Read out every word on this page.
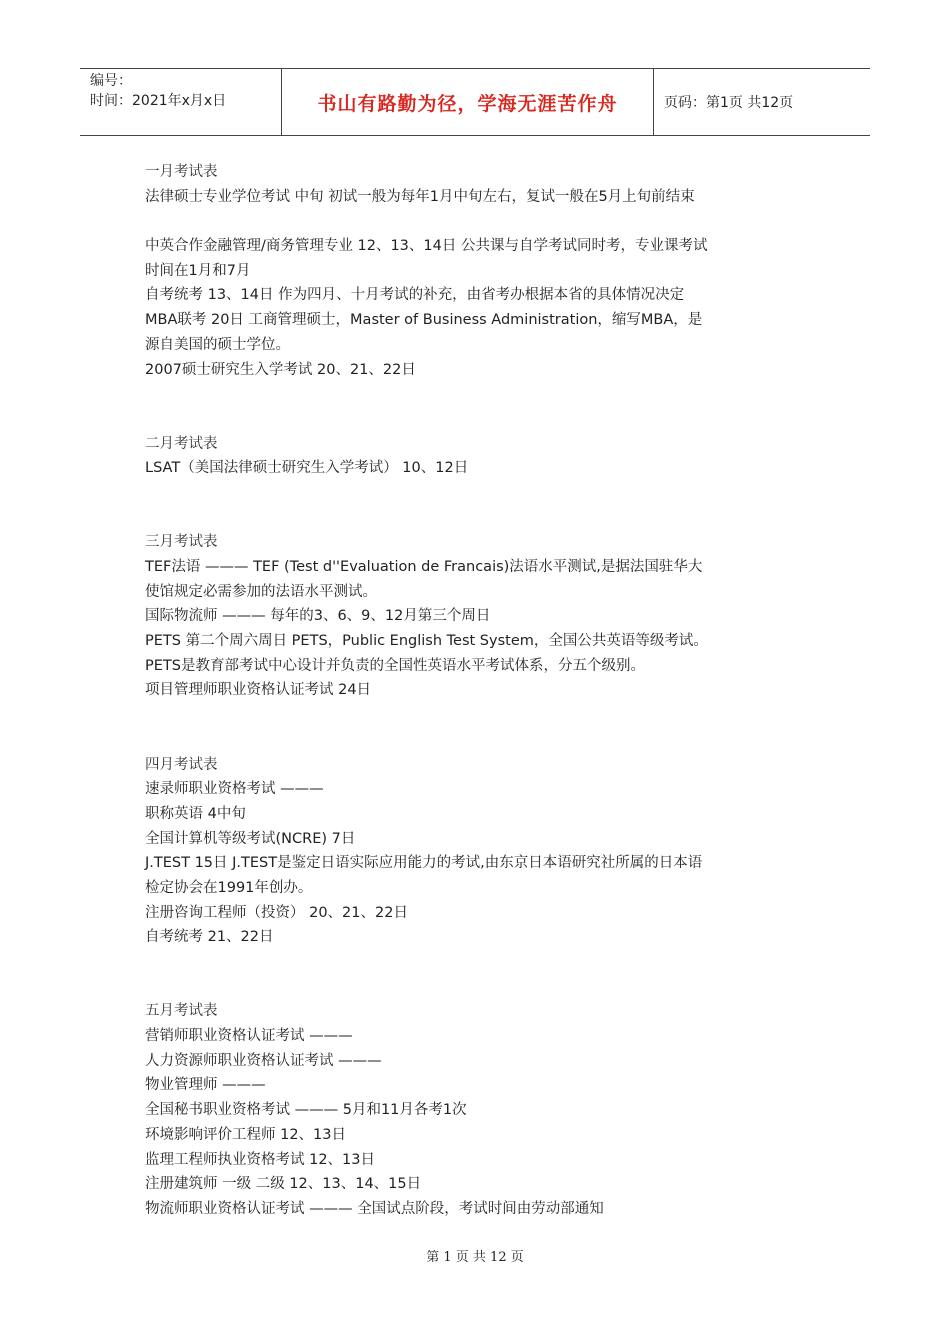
编号：
时间：2021年x月x日	书山有路勤为径，学海无涯苦作舟	页码：第1页 共12页
一月考试表
法律硕士专业学位考试 中旬 初试一般为每年1月中旬左右，复试一般在5月上旬前结束
中英合作金融管理/商务管理专业 12、13、14日 公共课与自学考试同时考，专业课考试
时间在1月和7月
自考统考 13、14日 作为四月、十月考试的补充，由省考办根据本省的具体情况决定
MBA联考 20日 工商管理硕士，Master of Business Administration，缩写MBA，是
源自美国的硕士学位。
2007硕士研究生入学考试 20、21、22日
二月考试表
LSAT（美国法律硕士研究生入学考试） 10、12日
三月考试表
TEF法语 ——— TEF (Test d''Evaluation de Francais)法语水平测试,是据法国驻华大
使馆规定必需参加的法语水平测试。
国际物流师 ——— 每年的3、6、9、12月第三个周日
PETS 第二个周六周日 PETS，Public English Test System，全国公共英语等级考试。
PETS是教育部考试中心设计并负责的全国性英语水平考试体系，分五个级别。
项目管理师职业资格认证考试 24日
四月考试表
速录师职业资格考试 ———
职称英语 4中旬
全国计算机等级考试(NCRE) 7日
J.TEST 15日 J.TEST是鉴定日语实际应用能力的考试,由东京日本语研究社所属的日本语
检定协会在1991年创办。
注册咨询工程师（投资） 20、21、22日
自考统考 21、22日
五月考试表
营销师职业资格认证考试 ———
人力资源师职业资格认证考试 ———
物业管理师 ———
全国秘书职业资格考试 ——— 5月和11月各考1次
环境影响评价工程师 12、13日
监理工程师执业资格考试 12、13日
注册建筑师 一级 二级 12、13、14、15日
物流师职业资格认证考试 ——— 全国试点阶段，考试时间由劳动部通知
第 1 页 共 12 页
